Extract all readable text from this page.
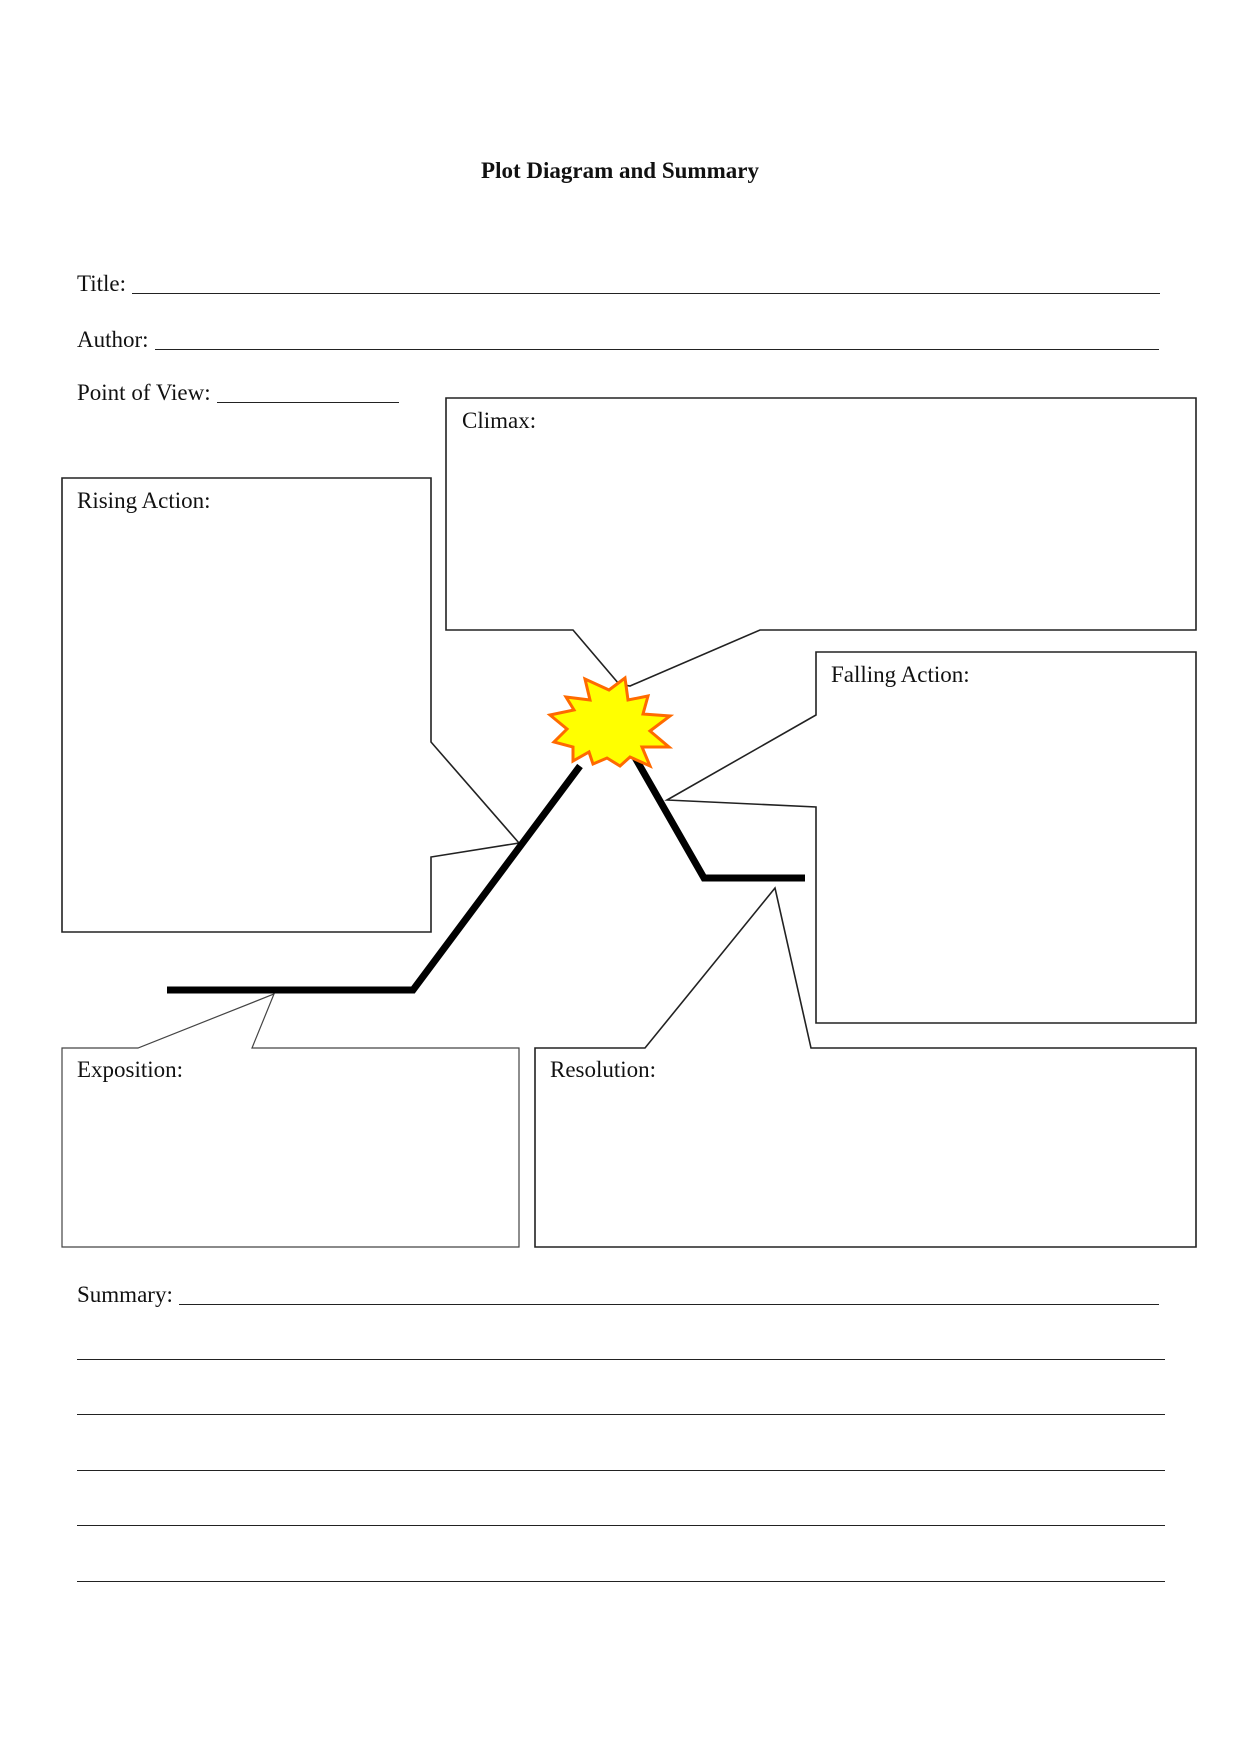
Plot Diagram and Summary
Title:
Author:
Point of View:
Climax:
Rising Action:
Falling Action:
Exposition:	Resolution:
Summary:
